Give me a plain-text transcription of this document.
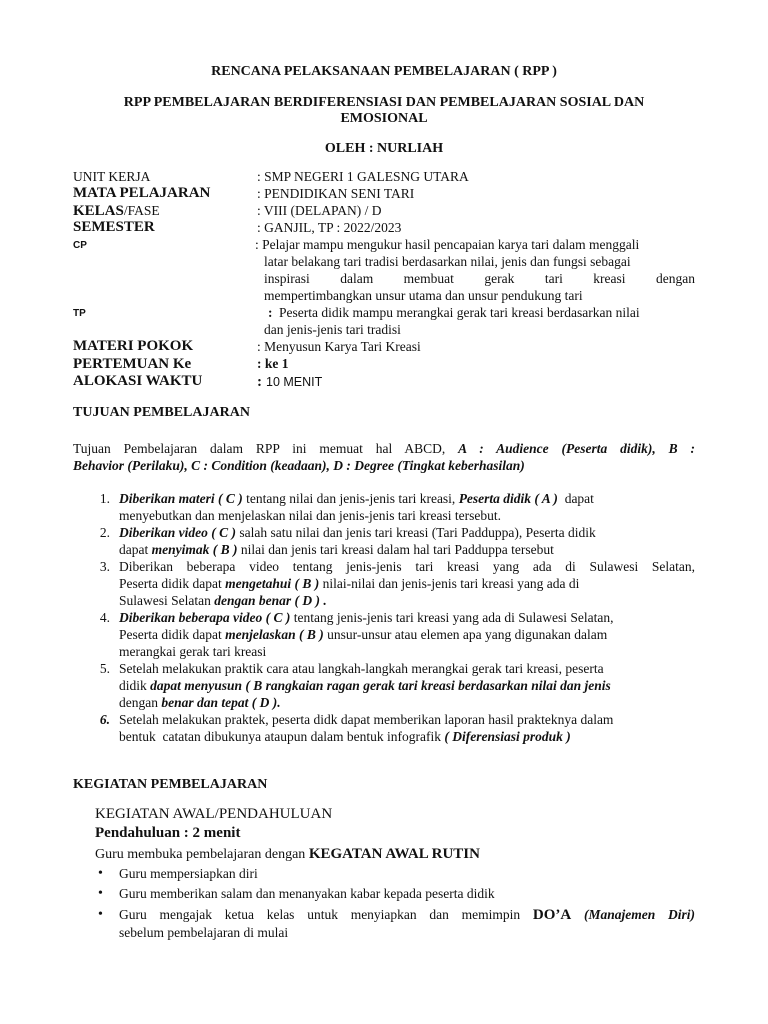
RENCANA PELAKSANAAN PEMBELAJARAN ( RPP )
RPP PEMBELAJARAN BERDIFERENSIASI DAN PEMBELAJARAN SOSIAL DAN
EMOSIONAL
OLEH : NURLIAH
UNIT KERJA	: SMP NEGERI 1 GALESNG UTARA
MATA PELAJARAN	: PENDIDIKAN SENI TARI
KELAS/FASE	: VIII (DELAPAN) / D
SEMESTER	: GANJIL, TP : 2022/2023
CP	: Pelajar mampu mengukur hasil pencapaian karya tari dalam menggali
latar belakang tari tradisi berdasarkan nilai, jenis dan fungsi sebagai
inspirasi dalam membuat gerak tari kreasi dengan
mempertimbangkan unsur utama dan unsur pendukung tari
TP	: Peserta didik mampu merangkai gerak tari kreasi berdasarkan nilai
dan jenis-jenis tari tradisi
MATERI POKOK	: Menyusun Karya Tari Kreasi
PERTEMUAN Ke	: ke 1
ALOKASI WAKTU	: 10 MENIT
TUJUAN PEMBELAJARAN
Tujuan Pembelajaran dalam RPP ini memuat hal ABCD, A : Audience (Peserta didik), B :
Behavior (Perilaku), C : Condition (keadaan), D : Degree (Tingkat keberhasilan)
1. Diberikan materi ( C ) tentang nilai dan jenis-jenis tari kreasi, Peserta didik ( A )  dapat
menyebutkan dan menjelaskan nilai dan jenis-jenis tari kreasi tersebut.
2. Diberikan video ( C ) salah satu nilai dan jenis tari kreasi (Tari Padduppa), Peserta didik
dapat menyimak ( B ) nilai dan jenis tari kreasi dalam hal tari Padduppa tersebut
3. Diberikan beberapa video tentang jenis-jenis tari kreasi yang ada di Sulawesi Selatan,
Peserta didik dapat mengetahui ( B ) nilai-nilai dan jenis-jenis tari kreasi yang ada di
Sulawesi Selatan dengan benar ( D ) .
4. Diberikan beberapa video ( C ) tentang jenis-jenis tari kreasi yang ada di Sulawesi Selatan,
Peserta didik dapat menjelaskan ( B ) unsur-unsur atau elemen apa yang digunakan dalam
merangkai gerak tari kreasi
5. Setelah melakukan praktik cara atau langkah-langkah merangkai gerak tari kreasi, peserta
didik dapat menyusun ( B rangkaian ragan gerak tari kreasi berdasarkan nilai dan jenis
dengan benar dan tepat ( D ).
6. Setelah melakukan praktek, peserta didk dapat memberikan laporan hasil prakteknya dalam
bentuk  catatan dibukunya ataupun dalam bentuk infografik ( Diferensiasi produk )
KEGIATAN PEMBELAJARAN
KEGIATAN AWAL/PENDAHULUAN
Pendahuluan : 2 menit
Guru membuka pembelajaran dengan KEGATAN AWAL RUTIN
• Guru mempersiapkan diri
• Guru memberikan salam dan menanyakan kabar kepada peserta didik
• Guru mengajak ketua kelas untuk menyiapkan dan memimpin DO’A (Manajemen Diri)
sebelum pembelajaran di mulai
